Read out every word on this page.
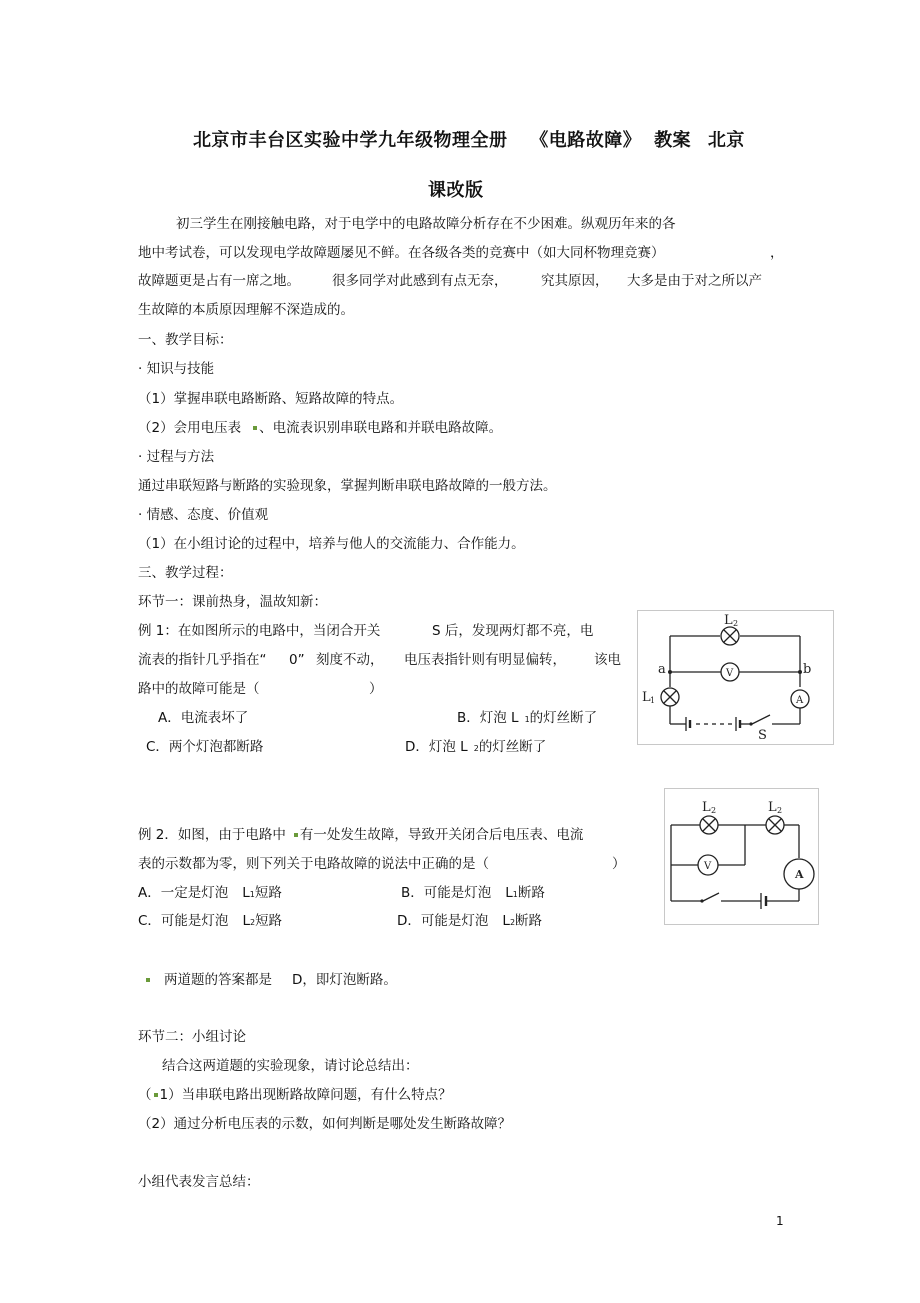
北京市丰台区实验中学九年级物理全册 《电路故障》 教案 北京
课改版
初三学生在刚接触电路，对于电学中的电路故障分析存在不少困难。纵观历年来的各
地中考试卷，可以发现电学故障题屡见不鲜。在各级各类的竞赛中（如大同杯物理竞赛）	，
故障题更是占有一席之地。 很多同学对此感到有点无奈， 究其原因， 大多是由于对之所以产
生故障的本质原因理解不深造成的。
一、教学目标：
· 知识与技能
（1）掌握串联电路断路、短路故障的特点。
（2）会用电压表 、电流表识别串联电路和并联电路故障。
· 过程与方法
通过串联短路与断路的实验现象，掌握判断串联电路故障的一般方法。
· 情感、态度、价值观
（1）在小组讨论的过程中，培养与他人的交流能力、合作能力。
三、教学过程：
环节一：课前热身，温故知新：
例 1：在如图所示的电路中，当闭合开关	S 后，发现两灯都不亮，电
流表的指针几乎指在“ 0” 刻度不动， 电压表指针则有明显偏转， 该电
路中的故障可能是（	）
A．电流表坏了	B．灯泡 L 1的灯丝断了
C．两个灯泡都断路	D．灯泡 L 2的灯丝断了
L 2
L 1
a	b
V
A
S
例 2．如图，由于电路中 有一处发生故障，导致开关闭合后电压表、电流
表的示数都为零，则下列关于电路故障的说法中正确的是（	）
A．一定是灯泡 L1短路	B．可能是灯泡 L1断路
C．可能是灯泡 L2短路	D．可能是灯泡 L2断路
L 2	L 2
V
A
两道题的答案都是 D，即灯泡断路。
环节二：小组讨论
结合这两道题的实验现象，请讨论总结出：
（ 1）当串联电路出现断路故障问题，有什么特点？
（2）通过分析电压表的示数，如何判断是哪处发生断路故障？
小组代表发言总结：
1
